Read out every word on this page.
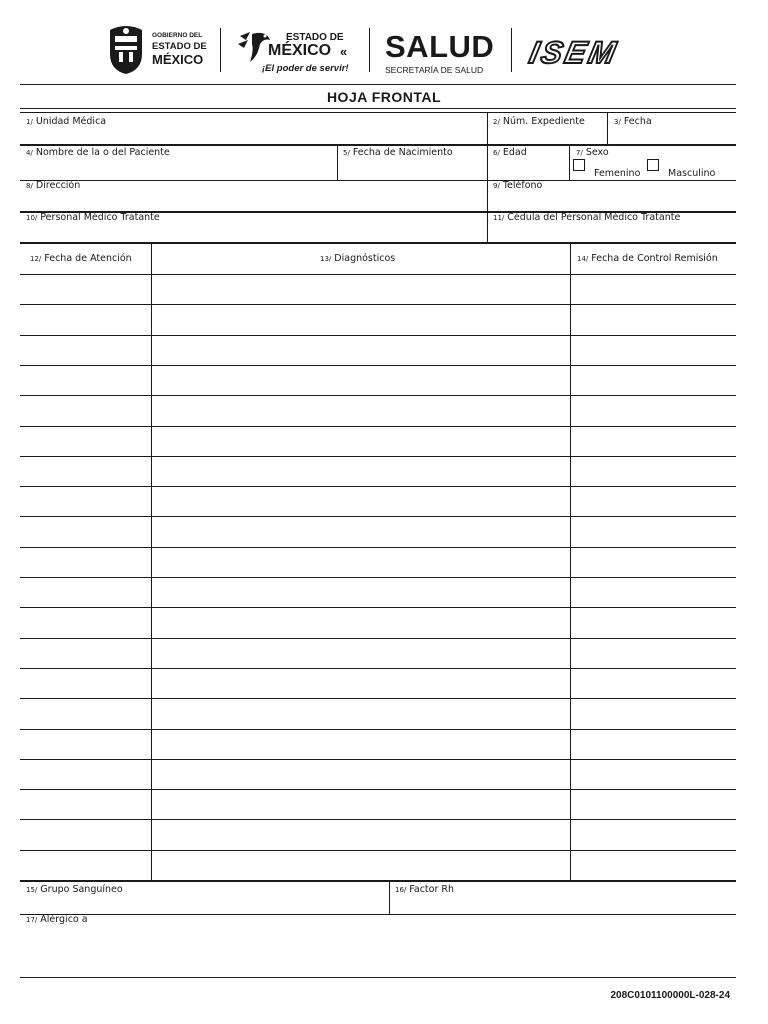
GOBIERNO DEL
ESTADO DE
MÉXICO
ESTADO DE
MÉXICO «
¡El poder de servir!
SALUD
SECRETARÍA DE SALUD ISEM
HOJA FRONTAL
1/ Unidad Médica	2/ Núm. Expediente	3/ Fecha
4/ Nombre de la o del Paciente	5/ Fecha de Nacimiento	6/ Edad	7/ Sexo
Femenino	Masculino
8/ Dirección	9/ Teléfono
10/ Personal Médico Tratante	11/ Cédula del Personal Médico Tratante
12/ Fecha de Atención	13/ Diagnósticos	14/ Fecha de Control Remisión
15/ Grupo Sanguíneo	16/ Factor Rh
17/ Alérgico a
208C0101100000L-028-24
